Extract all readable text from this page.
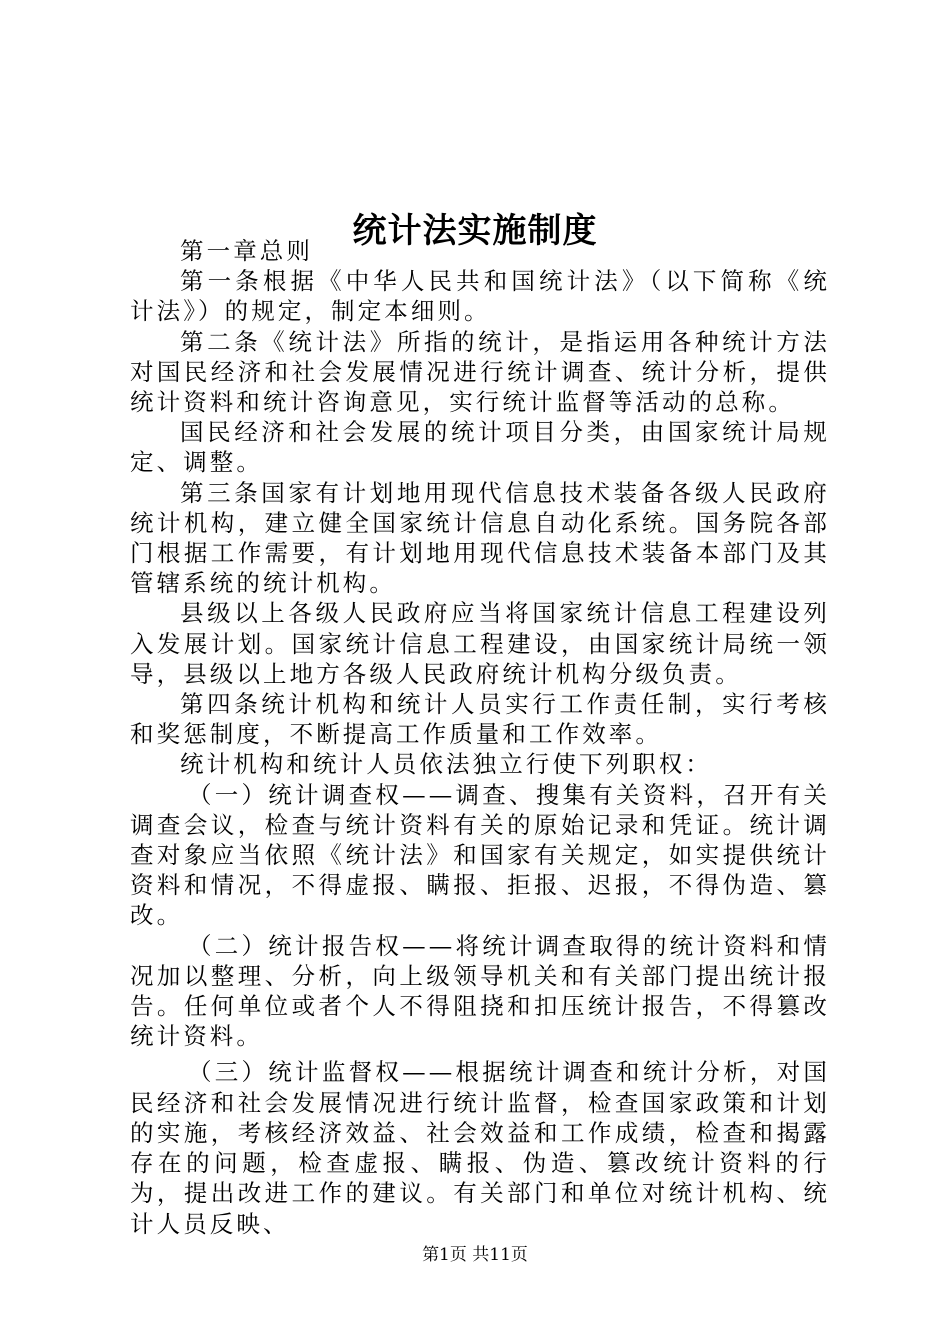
统计法实施制度

第一章总则

第一条根据《中华人民共和国统计法》（以下简称《统计法》）的规定，制定本细则。

第二条《统计法》所指的统计，是指运用各种统计方法对国民经济和社会发展情况进行统计调查、统计分析，提供统计资料和统计咨询意见，实行统计监督等活动的总称。

国民经济和社会发展的统计项目分类，由国家统计局规定、调整。

第三条国家有计划地用现代信息技术装备各级人民政府统计机构，建立健全国家统计信息自动化系统。国务院各部门根据工作需要，有计划地用现代信息技术装备本部门及其管辖系统的统计机构。

县级以上各级人民政府应当将国家统计信息工程建设列入发展计划。国家统计信息工程建设，由国家统计局统一领导，县级以上地方各级人民政府统计机构分级负责。

第四条统计机构和统计人员实行工作责任制，实行考核和奖惩制度，不断提高工作质量和工作效率。

统计机构和统计人员依法独立行使下列职权：

（一）统计调查权——调查、搜集有关资料，召开有关调查会议，检查与统计资料有关的原始记录和凭证。统计调查对象应当依照《统计法》和国家有关规定，如实提供统计资料和情况，不得虚报、瞒报、拒报、迟报，不得伪造、篡改。

（二）统计报告权——将统计调查取得的统计资料和情况加以整理、分析，向上级领导机关和有关部门提出统计报告。任何单位或者个人不得阻挠和扣压统计报告，不得篡改统计资料。

（三）统计监督权——根据统计调查和统计分析，对国民经济和社会发展情况进行统计监督，检查国家政策和计划的实施，考核经济效益、社会效益和工作成绩，检查和揭露存在的问题，检查虚报、瞒报、伪造、篡改统计资料的行为，提出改进工作的建议。有关部门和单位对统计机构、统计人员反映、

第1页 共11页
